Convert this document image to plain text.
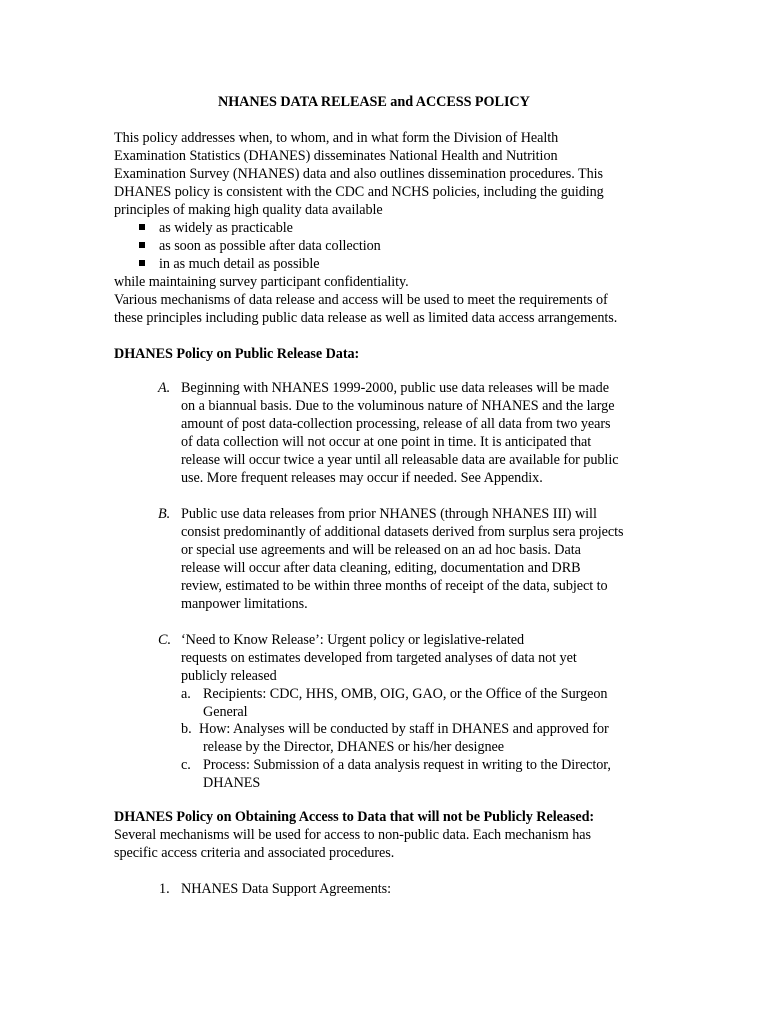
NHANES DATA RELEASE and ACCESS POLICY
This policy addresses when, to whom, and in what form the Division of Health
Examination Statistics (DHANES) disseminates National Health and Nutrition
Examination Survey (NHANES) data and also outlines dissemination procedures. This
DHANES policy is consistent with the CDC and NCHS policies, including the guiding
principles of making high quality data available
as widely as practicable
as soon as possible after data collection
in as much detail as possible
while maintaining survey participant confidentiality.
Various mechanisms of data release and access will be used to meet the requirements of
these principles including public data release as well as limited data access arrangements.
DHANES Policy on Public Release Data:
A. Beginning with NHANES 1999-2000, public use data releases will be made
on a biannual basis. Due to the voluminous nature of NHANES and the large
amount of post data-collection processing, release of all data from two years
of data collection will not occur at one point in time. It is anticipated that
release will occur twice a year until all releasable data are available for public
use. More frequent releases may occur if needed. See Appendix.
B. Public use data releases from prior NHANES (through NHANES III) will
consist predominantly of additional datasets derived from surplus sera projects
or special use agreements and will be released on an ad hoc basis. Data
release will occur after data cleaning, editing, documentation and DRB
review, estimated to be within three months of receipt of the data, subject to
manpower limitations.
C. ‘Need to Know Release’: Urgent policy or legislative-related
requests on estimates developed from targeted analyses of data not yet
publicly released
a. Recipients: CDC, HHS, OMB, OIG, GAO, or the Office of the Surgeon
General
b. How: Analyses will be conducted by staff in DHANES and approved for
release by the Director, DHANES or his/her designee
c. Process: Submission of a data analysis request in writing to the Director,
DHANES
DHANES Policy on Obtaining Access to Data that will not be Publicly Released:
Several mechanisms will be used for access to non-public data. Each mechanism has
specific access criteria and associated procedures.
1. NHANES Data Support Agreements:
